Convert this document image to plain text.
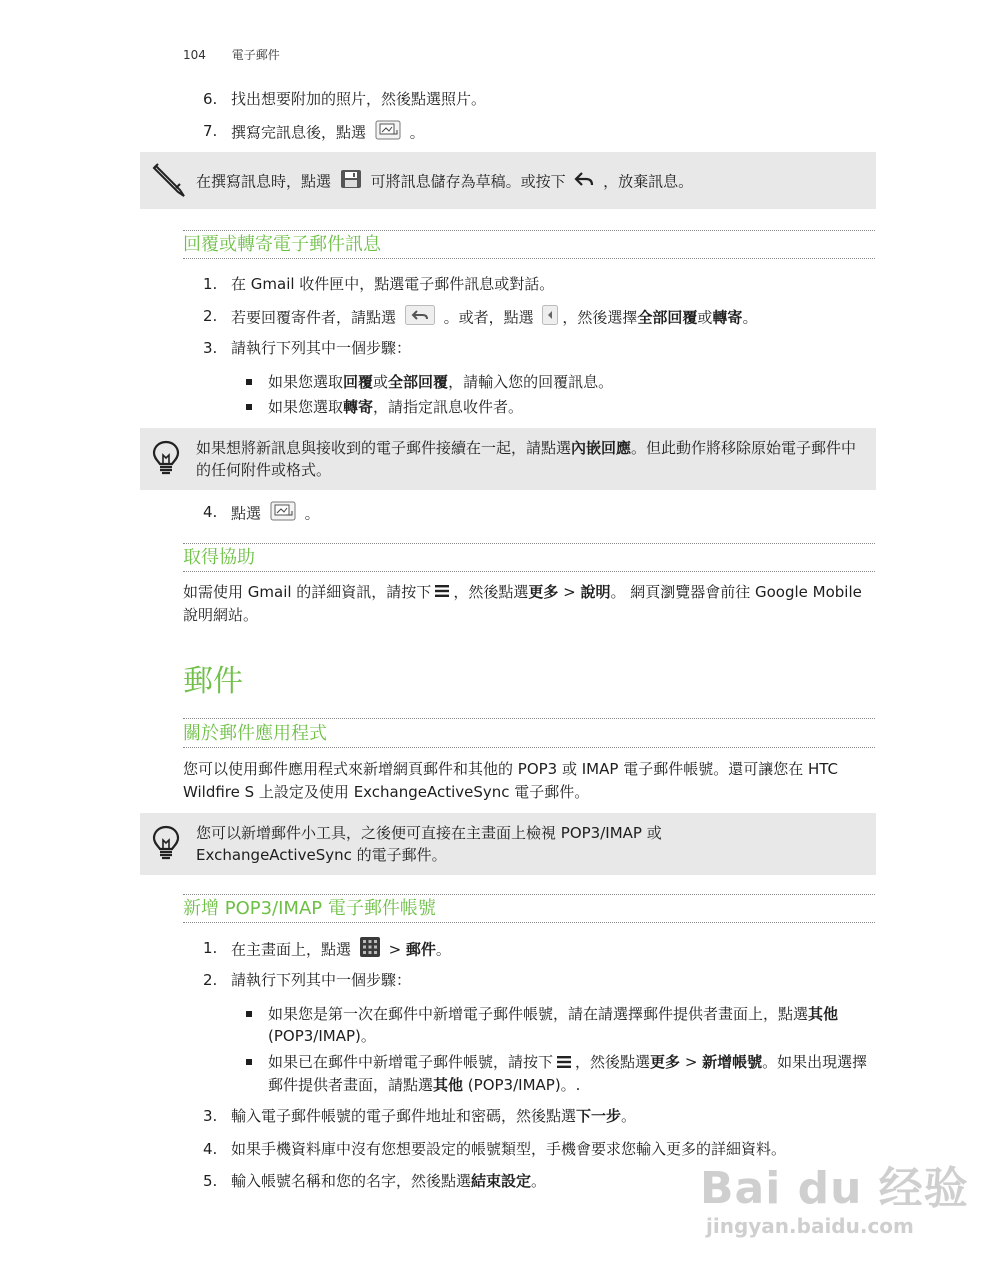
104 電子郵件
6. 找出想要附加的照片，然後點選照片。
7. 撰寫完訊息後，點選	。
在撰寫訊息時，點選	可將訊息儲存為草稿。或按下	，放棄訊息。
回覆或轉寄電子郵件訊息
1. 在 Gmail 收件匣中，點選電子郵件訊息或對話。
2. 若要回覆寄件者，請點選	。或者，點選 ，然後選擇全部回覆或轉寄。
3. 請執行下列其中一個步驟：
如果您選取回覆或全部回覆，請輸入您的回覆訊息。
如果您選取轉寄，請指定訊息收件者。
如果想將新訊息與接收到的電子郵件接續在一起，請點選內嵌回應。但此動作將移除原始電子郵件中的任何附件或格式。
4. 點選	。
取得協助
如需使用 Gmail 的詳細資訊，請按下 ，然後點選更多 > 說明。 網頁瀏覽器會前往 Google Mobile 說明網站。
郵件
關於郵件應用程式
您可以使用郵件應用程式來新增網頁郵件和其他的 POP3 或 IMAP 電子郵件帳號。還可讓您在 HTC Wildfire S 上設定及使用 ExchangeActiveSync 電子郵件。
您可以新增郵件小工具，之後便可直接在主畫面上檢視 POP3/IMAP 或 ExchangeActiveSync 的電子郵件。
新增 POP3/IMAP 電子郵件帳號
1. 在主畫面上，點選  > 郵件。
2. 請執行下列其中一個步驟：
如果您是第一次在郵件中新增電子郵件帳號，請在請選擇郵件提供者畫面上，點選其他 (POP3/IMAP)。
如果已在郵件中新增電子郵件帳號，請按下 ，然後點選更多 > 新增帳號。如果出現選擇郵件提供者畫面，請點選其他 (POP3/IMAP)。.
3. 輸入電子郵件帳號的電子郵件地址和密碼，然後點選下一步。
4. 如果手機資料庫中沒有您想要設定的帳號類型，手機會要求您輸入更多的詳細資料。
5. 輸入帳號名稱和您的名字，然後點選結束設定。	Bai du 经验
jingyan.baidu.com
